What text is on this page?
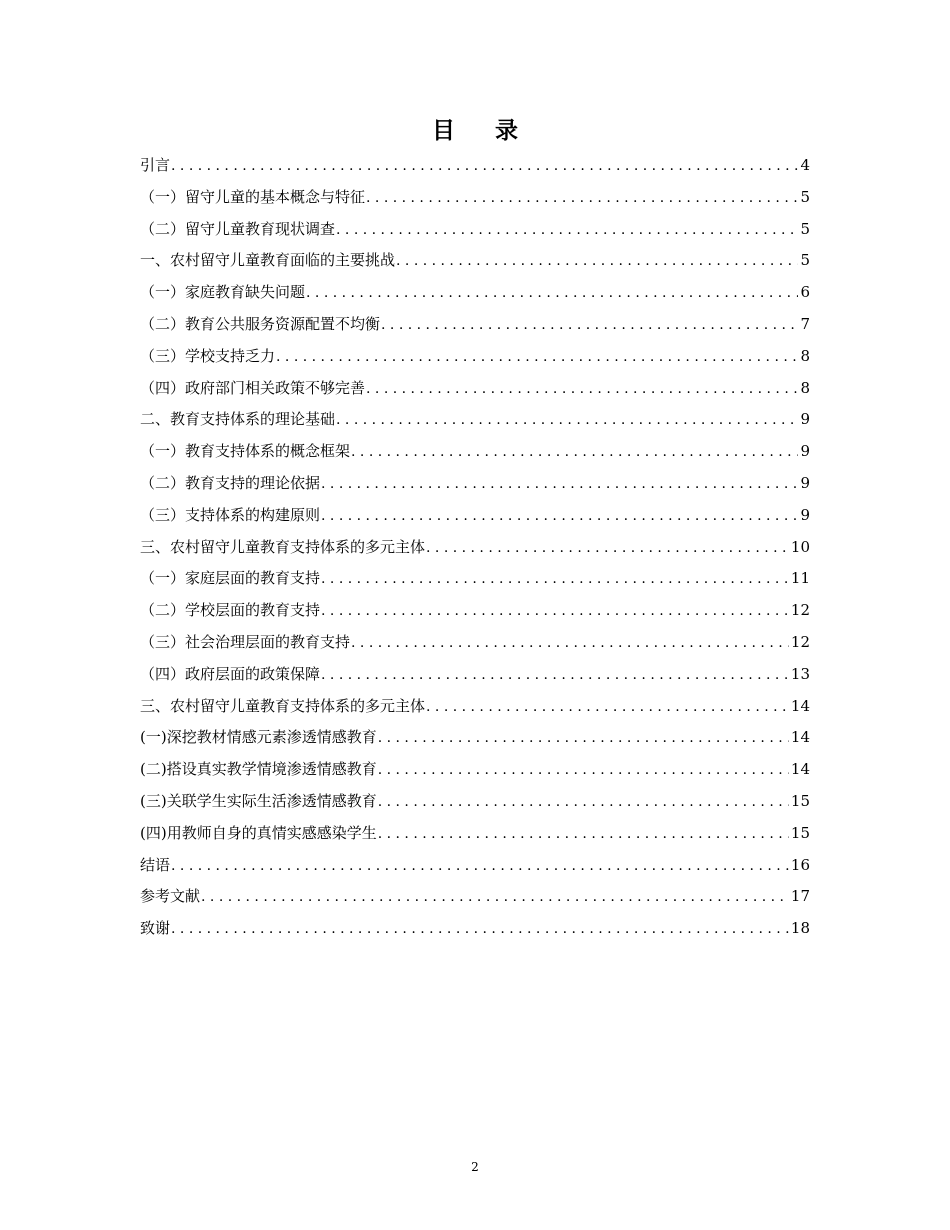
目 录
引言 . . .	4
（一）留守儿童的基本概念与特征 . . .	5
（二）留守儿童教育现状调查 . . .	5
一、农村留守儿童教育面临的主要挑战 . . .	5
（一）家庭教育缺失问题 . . .	6
（二）教育公共服务资源配置不均衡 . . .	7
（三）学校支持乏力 . . .	8
（四）政府部门相关政策不够完善 . . .	8
二、教育支持体系的理论基础 . . .	9
（一）教育支持体系的概念框架 . . .	9
（二）教育支持的理论依据 . . .	9
（三）支持体系的构建原则 . . .	9
三、农村留守儿童教育支持体系的多元主体 . . .	10
（一）家庭层面的教育支持 . . .	11
（二）学校层面的教育支持 . . .	12
（三）社会治理层面的教育支持 . . .	12
（四）政府层面的政策保障 . . .	13
三、农村留守儿童教育支持体系的多元主体 . . .	14
(一)深挖教材情感元素渗透情感教育 . . .	14
(二)搭设真实教学情境渗透情感教育 . . .	14
(三)关联学生实际生活渗透情感教育 . . .	15
(四)用教师自身的真情实感感染学生 . . .	15
结语 . . .	16
参考文献 . . .	17
致谢 . . .	18
2
